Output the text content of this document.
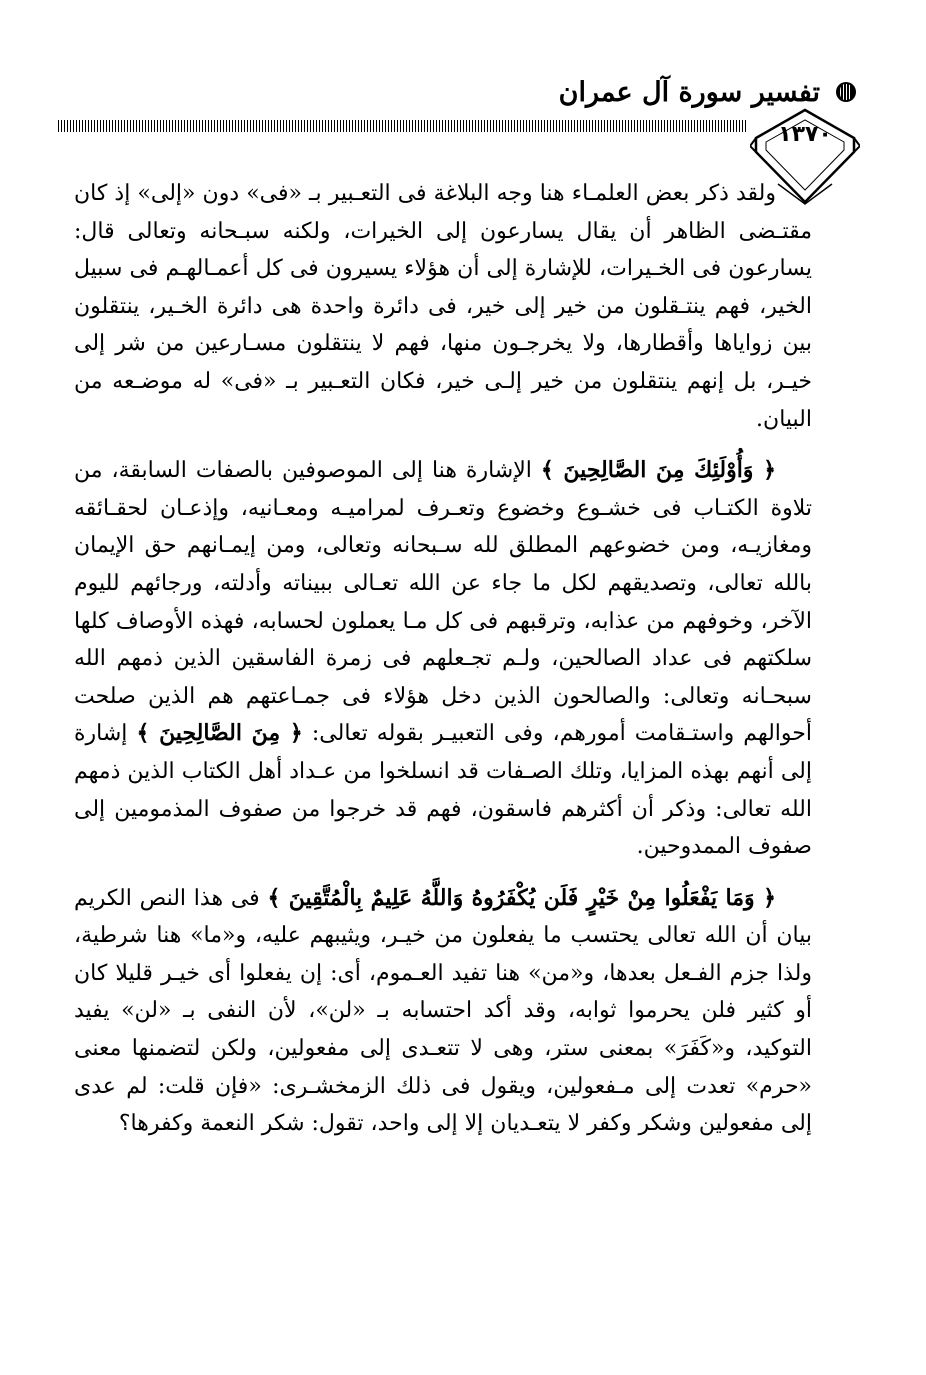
تفسير سورة آل عمران
١٣٧٠

ولقد ذكر بعض العلمـاء هنا وجه البلاغة فى التعـبير بـ «فى» دون «إلى» إذ كان مقتـضى الظاهر أن يقال يسارعون إلى الخيرات، ولكنه سبـحانه وتعالى قال: يسارعون فى الخـيرات، للإشارة إلى أن هؤلاء يسيرون فى كل أعمـالهـم فى سبيل الخير، فهم ينتـقلون من خير إلى خير، فى دائرة واحدة هى دائرة الخـير، ينتقلون بين زواياها وأقطارها، ولا يخرجـون منها، فهم لا ينتقلون مسـارعين من شر إلى خيـر، بل إنهم ينتقلون من خير إلـى خير، فكان التعـبير بـ «فى» له موضـعه من البيان.

﴿ وَأُوْلَئِكَ مِنَ الصَّالِحِينَ ﴾ الإشارة هنا إلى الموصوفين بالصفات السابقة، من تلاوة الكتـاب فى خشـوع وخضوع وتعـرف لمراميـه ومعـانيه، وإذعـان لحقـائقه ومغازيـه، ومن خضوعهم المطلق لله سـبحانه وتعالى، ومن إيمـانهم حق الإيمان بالله تعالى، وتصديقهم لكل ما جاء عن الله تعـالى ببيناته وأدلته، ورجائهم لليوم الآخر، وخوفهم من عذابه، وترقبهم فى كل مـا يعملون لحسابه، فهذه الأوصاف كلها سلكتهم فى عداد الصالحين، ولـم تجـعلهم فى زمرة الفاسقين الذين ذمهم الله سبحـانه وتعالى: والصالحون الذين دخل هؤلاء فى جمـاعتهم هم الذين صلحت أحوالهم واستـقامت أمورهم، وفى التعبيـر بقوله تعالى: ﴿ مِنَ الصَّالِحِينَ ﴾ إشارة إلى أنهم بهذه المزايا، وتلك الصـفات قد انسلخوا من عـداد أهل الكتاب الذين ذمهم الله تعالى: وذكر أن أكثرهم فاسقون، فهم قد خرجوا من صفوف المذمومين إلى صفوف الممدوحين.

﴿ وَمَا يَفْعَلُوا مِنْ خَيْرٍ فَلَن يُكْفَرُوهُ وَاللَّهُ عَلِيمٌ بِالْمُتَّقِينَ ﴾ فى هذا النص الكريم بيان أن الله تعالى يحتسب ما يفعلون من خيـر، ويثيبهم عليه، و«ما» هنا شرطية، ولذا جزم الفـعل بعدها، و«من» هنا تفيد العـموم، أى: إن يفعلوا أى خيـر قليلا كان أو كثير فلن يحرموا ثوابه، وقد أكد احتسابه بـ «لن»، لأن النفى بـ «لن» يفيد التوكيد، و«كَفَرَ» بمعنى ستر، وهى لا تتعـدى إلى مفعولين، ولكن لتضمنها معنى «حرم» تعدت إلى مـفعولين، ويقول فى ذلك الزمخشـرى: «فإن قلت: لم عدى إلى مفعولين وشكر وكفر لا يتعـديان إلا إلى واحد، تقول: شكر النعمة وكفرها؟
